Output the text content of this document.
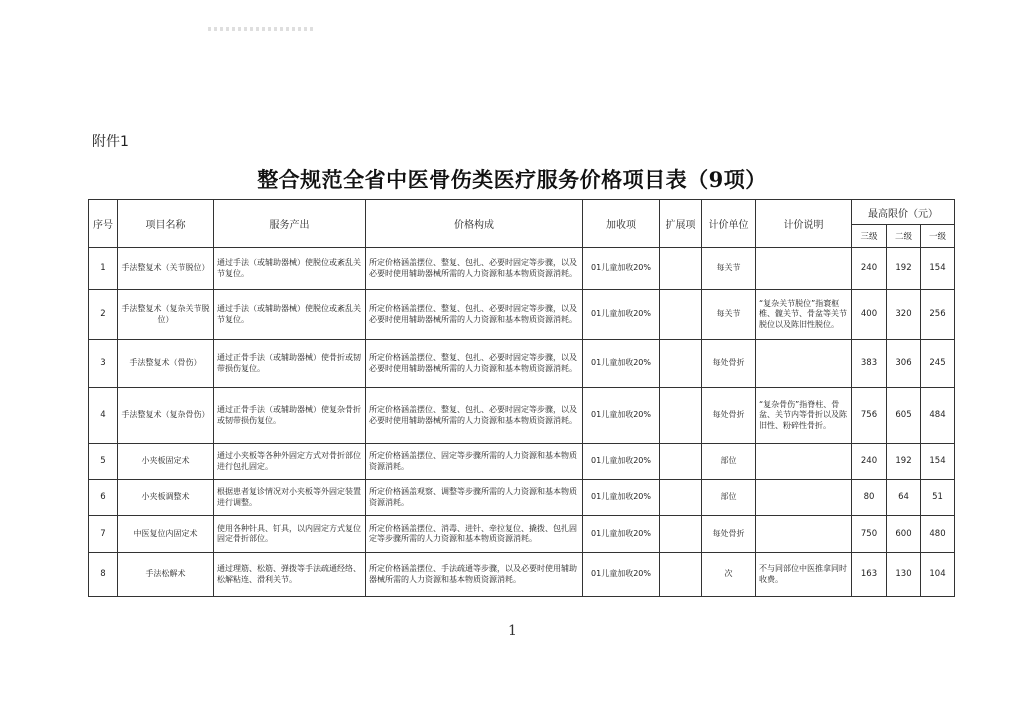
附件1
整合规范全省中医骨伤类医疗服务价格项目表（9项）
序号	项目名称	服务产出	价格构成	加收项	扩展项	计价单位	计价说明	最高限价（元）		
								三级	二级	一级
1	手法整复术（关节脱位）	通过手法（或辅助器械）使脱位或紊乱关节复位。	所定价格涵盖摆位、整复、包扎、必要时固定等步骤，以及必要时使用辅助器械所需的人力资源和基本物质资源消耗。	01儿童加收20%		每关节		240	192	154
2	手法整复术（复杂关节脱位）	通过手法（或辅助器械）使脱位或紊乱关节复位。	所定价格涵盖摆位、整复、包扎、必要时固定等步骤，以及必要时使用辅助器械所需的人力资源和基本物质资源消耗。	01儿童加收20%		每关节	“复杂关节脱位”指寰枢椎、髋关节、骨盆等关节脱位以及陈旧性脱位。	400	320	256
3	手法整复术（骨伤）	通过正骨手法（或辅助器械）使骨折或韧带损伤复位。	所定价格涵盖摆位、整复、包扎、必要时固定等步骤，以及必要时使用辅助器械所需的人力资源和基本物质资源消耗。	01儿童加收20%		每处骨折		383	306	245
4	手法整复术（复杂骨伤）	通过正骨手法（或辅助器械）使复杂骨折或韧带损伤复位。	所定价格涵盖摆位、整复、包扎、必要时固定等步骤，以及必要时使用辅助器械所需的人力资源和基本物质资源消耗。	01儿童加收20%		每处骨折	“复杂骨伤”指脊柱、骨盆、关节内等骨折以及陈旧性、粉碎性骨折。	756	605	484
5	小夹板固定术	通过小夹板等各种外固定方式对骨折部位进行包扎固定。	所定价格涵盖摆位、固定等步骤所需的人力资源和基本物质资源消耗。	01儿童加收20%		部位		240	192	154
6	小夹板调整术	根据患者复诊情况对小夹板等外固定装置进行调整。	所定价格涵盖观察、调整等步骤所需的人力资源和基本物质资源消耗。	01儿童加收20%		部位		80	64	51
7	中医复位内固定术	使用各种针具、钉具，以内固定方式复位固定骨折部位。	所定价格涵盖摆位、消毒、进针、牵拉复位、撬拨、包扎固定等步骤所需的人力资源和基本物质资源消耗。	01儿童加收20%		每处骨折		750	600	480
8	手法松解术	通过理筋、松筋、弹拨等手法疏通经络、松解粘连、滑利关节。	所定价格涵盖摆位、手法疏通等步骤，以及必要时使用辅助器械所需的人力资源和基本物质资源消耗。	01儿童加收20%		次	不与同部位中医推拿同时收费。	163	130	104
1
